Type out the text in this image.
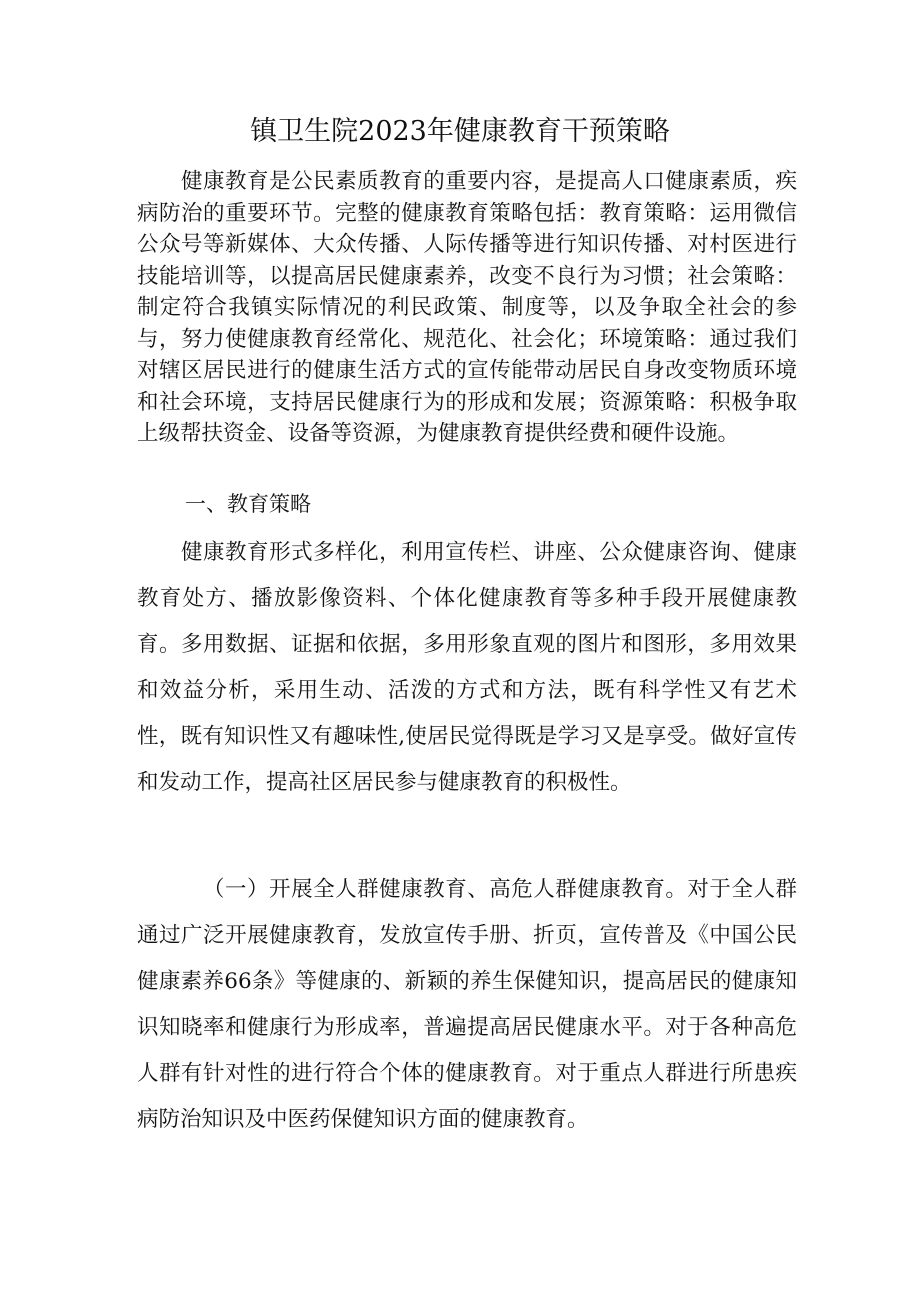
镇卫生院2023年健康教育干预策略

健康教育是公民素质教育的重要内容，是提高人口健康素质，疾病防治的重要环节。完整的健康教育策略包括：教育策略：运用微信公众号等新媒体、大众传播、人际传播等进行知识传播、对村医进行技能培训等，以提高居民健康素养，改变不良行为习惯；社会策略：制定符合我镇实际情况的利民政策、制度等，以及争取全社会的参与，努力使健康教育经常化、规范化、社会化；环境策略：通过我们对辖区居民进行的健康生活方式的宣传能带动居民自身改变物质环境和社会环境，支持居民健康行为的形成和发展；资源策略：积极争取上级帮扶资金、设备等资源，为健康教育提供经费和硬件设施。

一、教育策略

健康教育形式多样化，利用宣传栏、讲座、公众健康咨询、健康教育处方、播放影像资料、个体化健康教育等多种手段开展健康教育。多用数据、证据和依据，多用形象直观的图片和图形，多用效果和效益分析，采用生动、活泼的方式和方法，既有科学性又有艺术性，既有知识性又有趣味性,使居民觉得既是学习又是享受。做好宣传和发动工作，提高社区居民参与健康教育的积极性。

（一）开展全人群健康教育、高危人群健康教育。对于全人群通过广泛开展健康教育，发放宣传手册、折页，宣传普及《中国公民健康素养66条》等健康的、新颖的养生保健知识，提高居民的健康知识知晓率和健康行为形成率，普遍提高居民健康水平。对于各种高危人群有针对性的进行符合个体的健康教育。对于重点人群进行所患疾病防治知识及中医药保健知识方面的健康教育。
